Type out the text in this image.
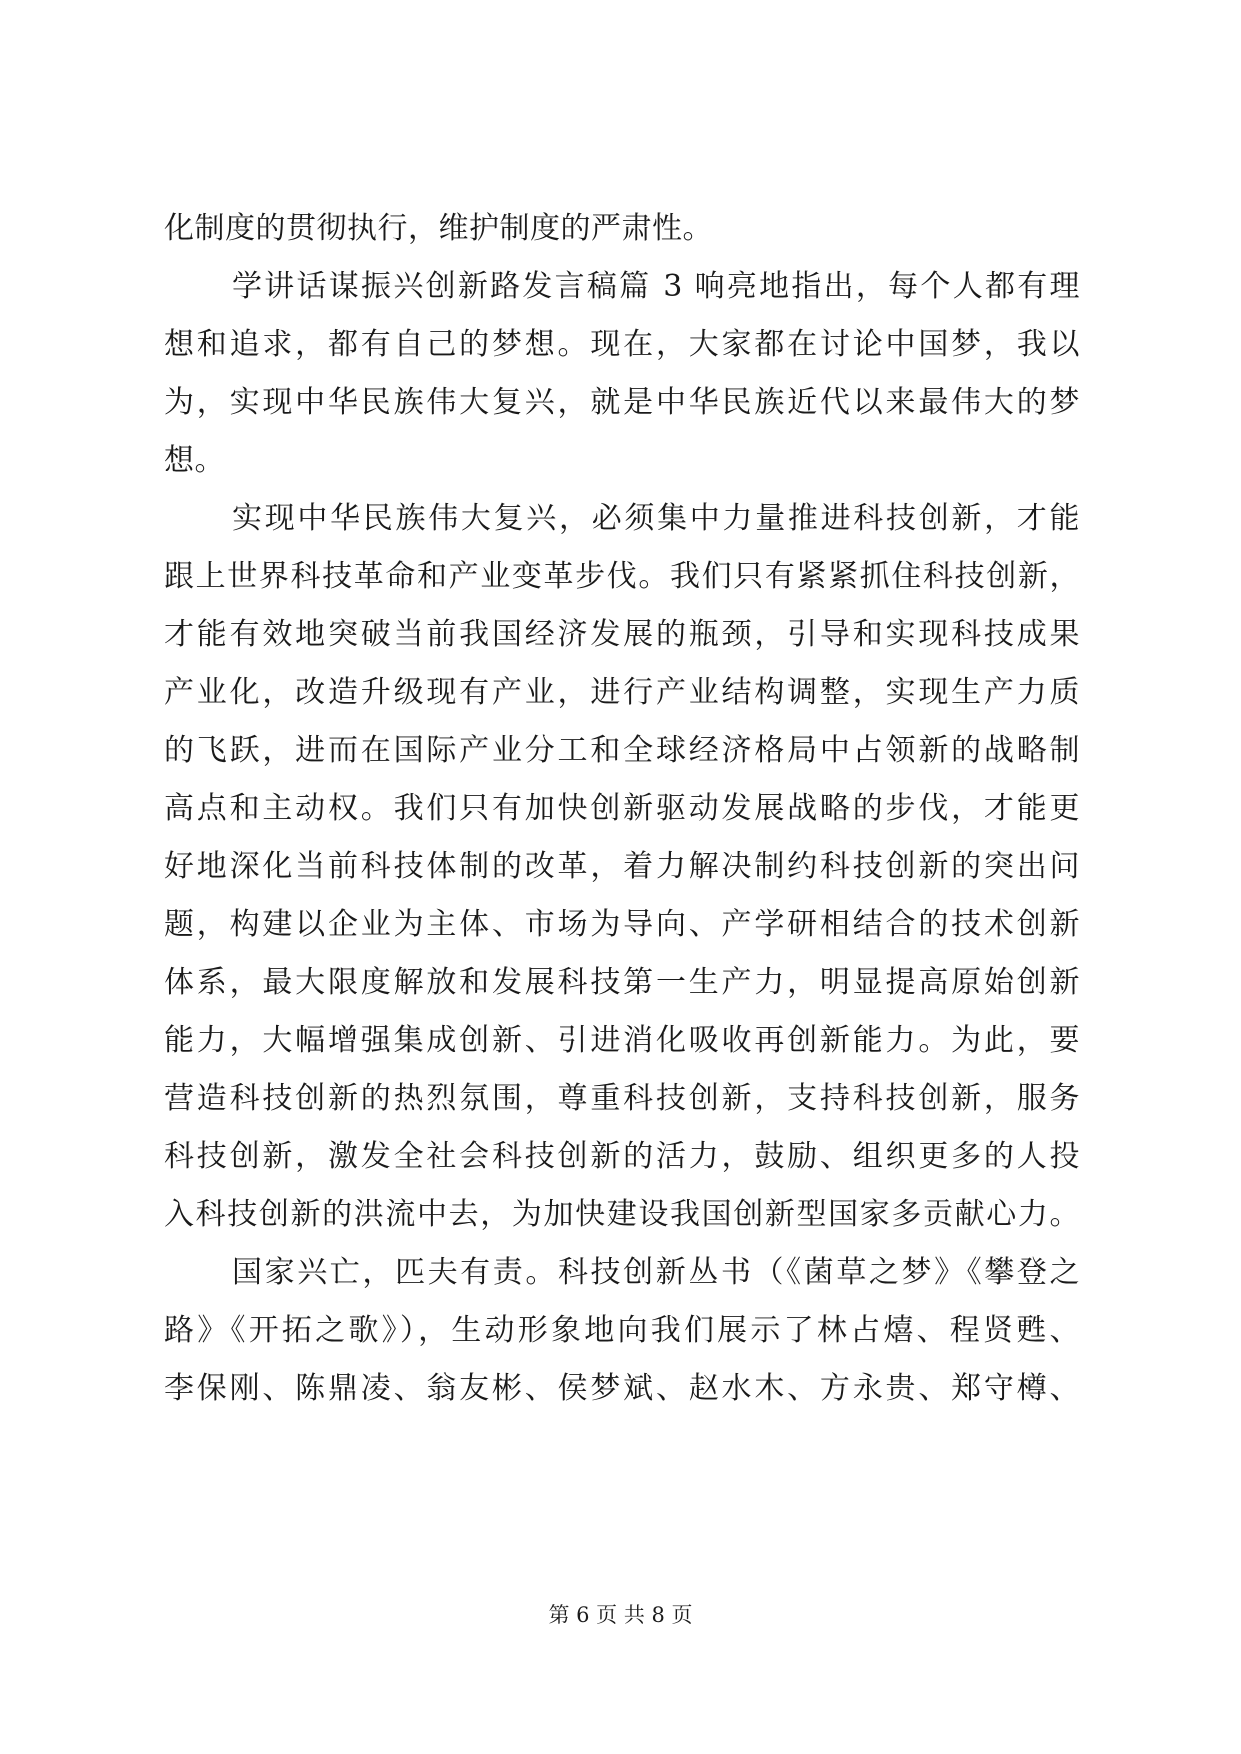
化制度的贯彻执行，维护制度的严肃性。
学讲话谋振兴创新路发言稿篇 3 响亮地指出，每个人都有理
想和追求，都有自己的梦想。现在，大家都在讨论中国梦，我以
为，实现中华民族伟大复兴，就是中华民族近代以来最伟大的梦
想。
实现中华民族伟大复兴，必须集中力量推进科技创新，才能
跟上世界科技革命和产业变革步伐。我们只有紧紧抓住科技创新，
才能有效地突破当前我国经济发展的瓶颈，引导和实现科技成果
产业化，改造升级现有产业，进行产业结构调整，实现生产力质
的飞跃，进而在国际产业分工和全球经济格局中占领新的战略制
高点和主动权。我们只有加快创新驱动发展战略的步伐，才能更
好地深化当前科技体制的改革，着力解决制约科技创新的突出问
题，构建以企业为主体、市场为导向、产学研相结合的技术创新
体系，最大限度解放和发展科技第一生产力，明显提高原始创新
能力，大幅增强集成创新、引进消化吸收再创新能力。为此，要
营造科技创新的热烈氛围，尊重科技创新，支持科技创新，服务
科技创新，激发全社会科技创新的活力，鼓励、组织更多的人投
入科技创新的洪流中去，为加快建设我国创新型国家多贡献心力。
国家兴亡，匹夫有责。科技创新丛书（《菌草之梦》《攀登之
路》《开拓之歌》），生动形象地向我们展示了林占熺、程贤甦、
李保刚、陈鼎凌、翁友彬、侯梦斌、赵水木、方永贵、郑守樽、
第 6 页 共 8 页
